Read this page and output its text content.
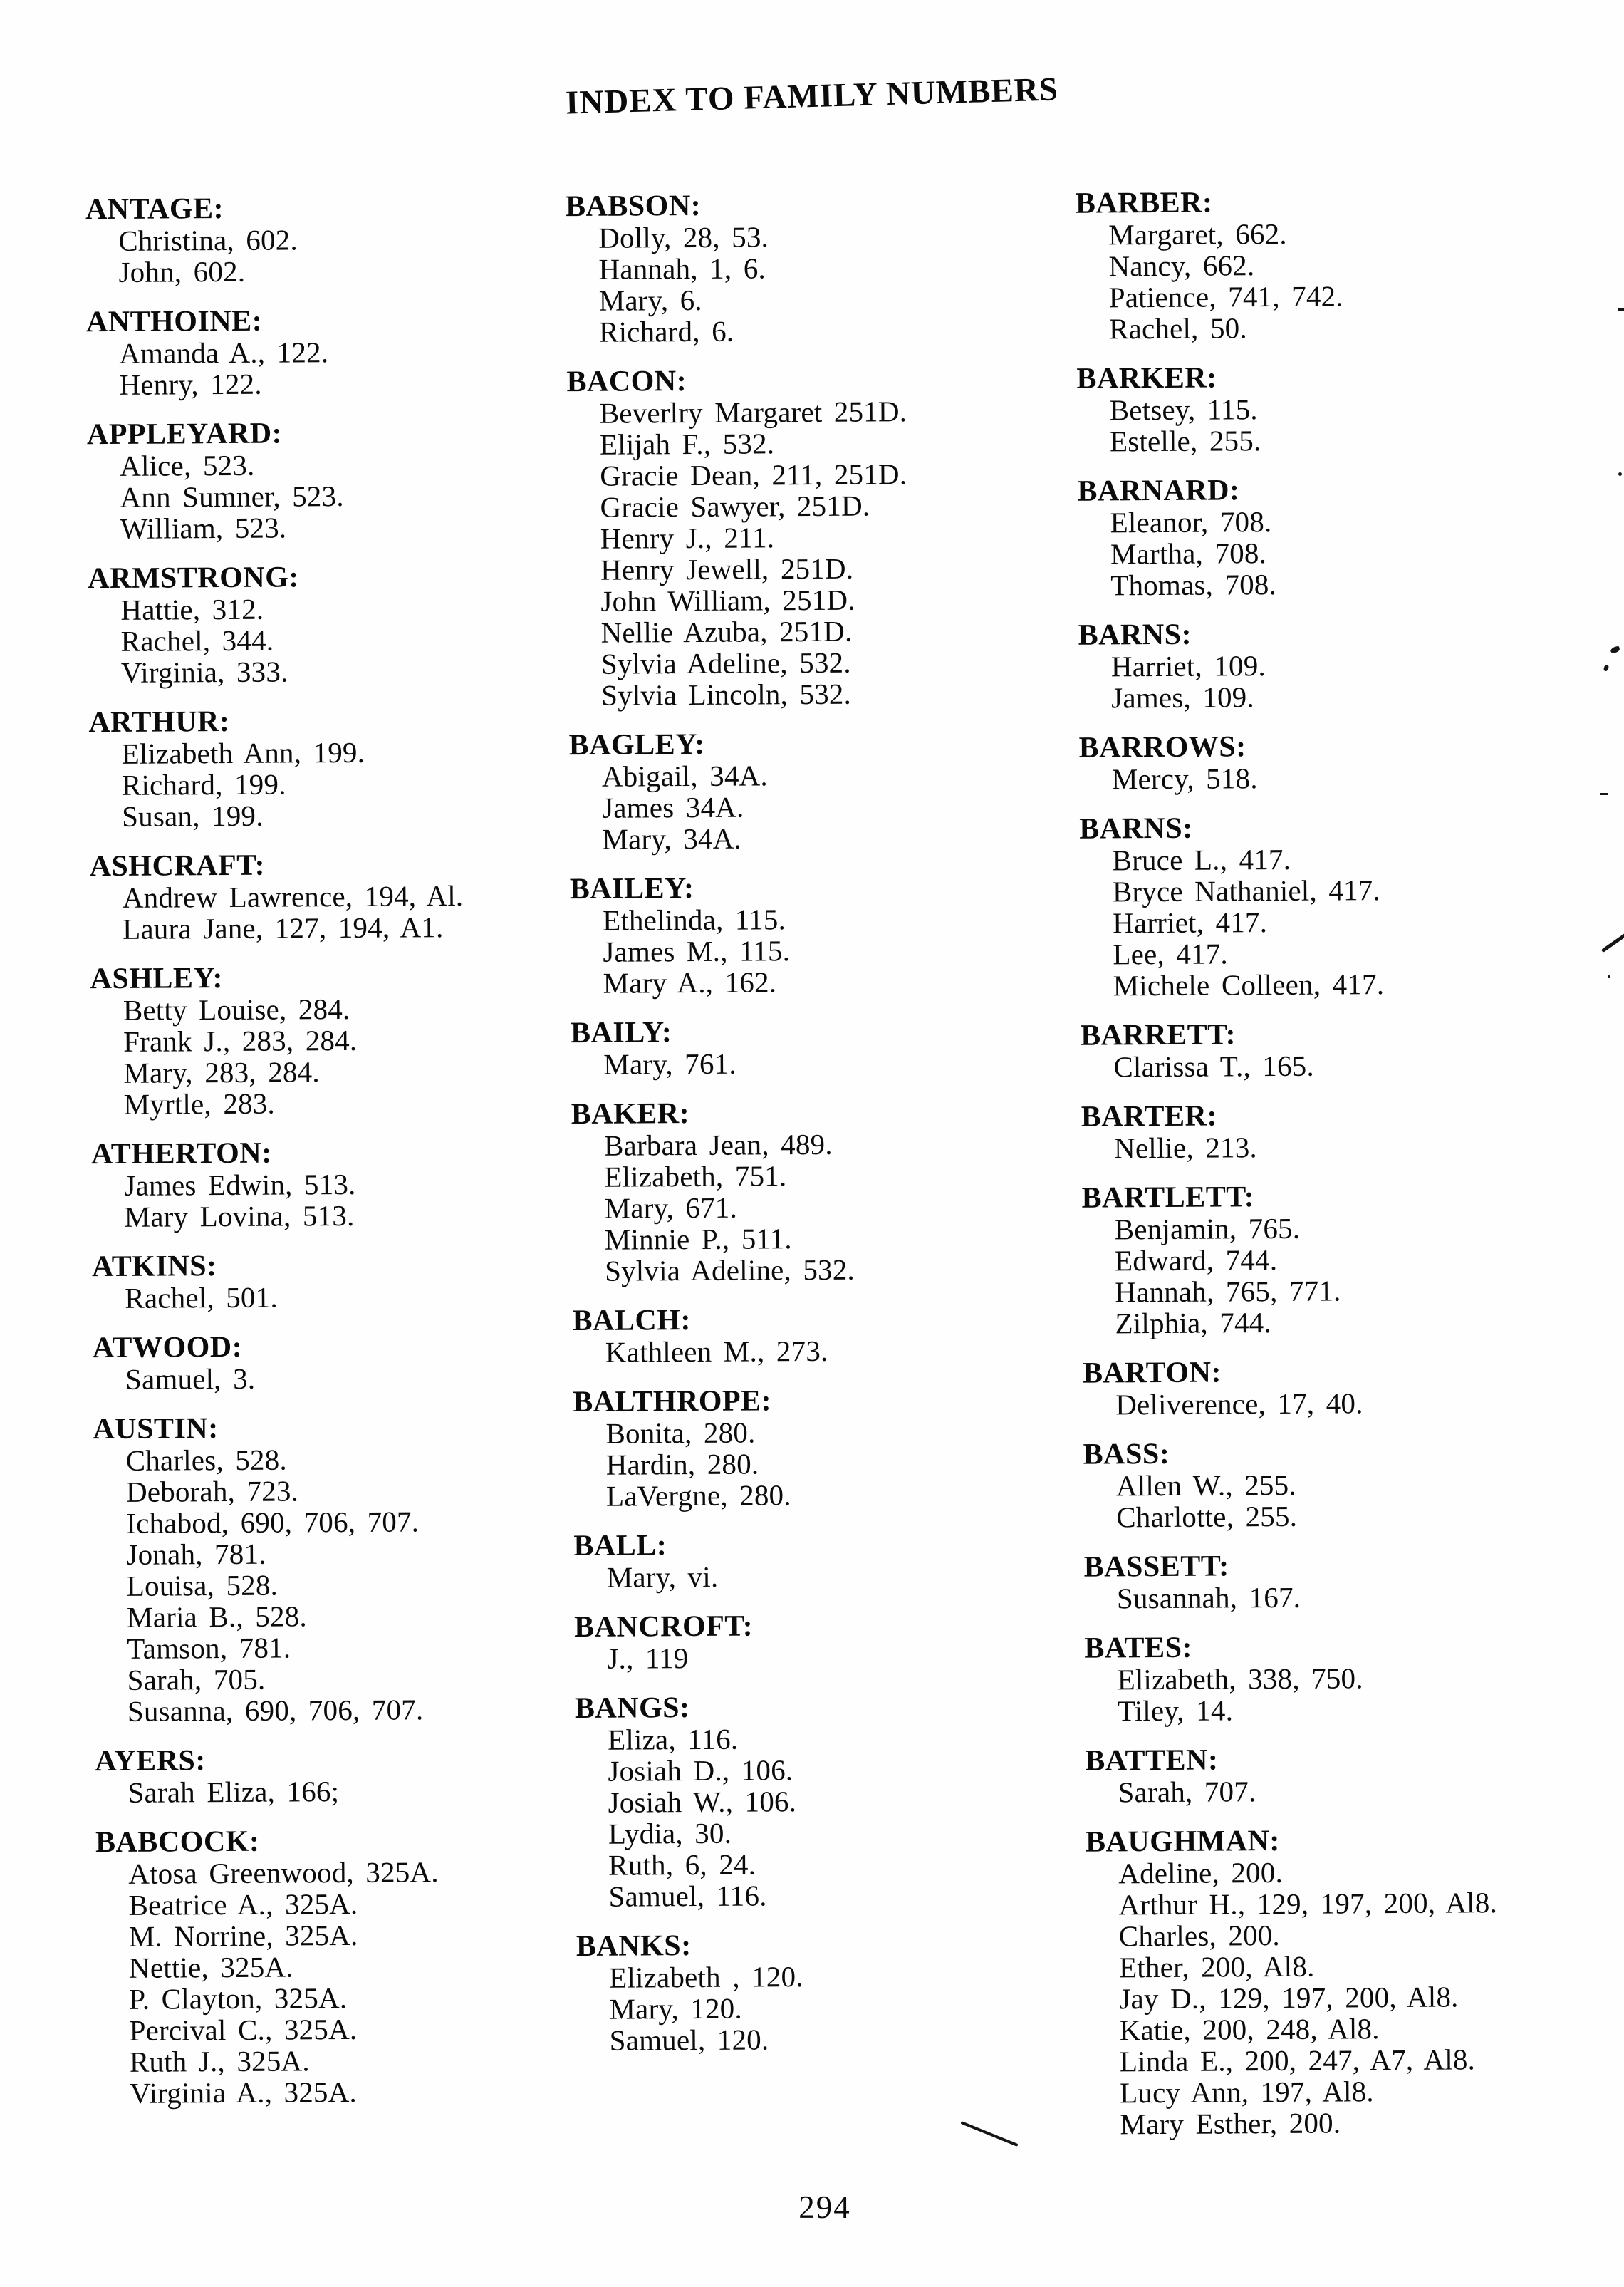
INDEX TO FAMILY NUMBERS
ANTAGE:
Christina, 602.
John, 602.
ANTHOINE:
Amanda A., 122.
Henry, 122.
APPLEYARD:
Alice, 523.
Ann Sumner, 523.
William, 523.
ARMSTRONG:
Hattie, 312.
Rachel, 344.
Virginia, 333.
ARTHUR:
Elizabeth Ann, 199.
Richard, 199.
Susan, 199.
ASHCRAFT:
Andrew Lawrence, 194, Al.
Laura Jane, 127, 194, A1.
ASHLEY:
Betty Louise, 284.
Frank J., 283, 284.
Mary, 283, 284.
Myrtle, 283.
ATHERTON:
James Edwin, 513.
Mary Lovina, 513.
ATKINS:
Rachel, 501.
ATWOOD:
Samuel, 3.
AUSTIN:
Charles, 528.
Deborah, 723.
Ichabod, 690, 706, 707.
Jonah, 781.
Louisa, 528.
Maria B., 528.
Tamson, 781.
Sarah, 705.
Susanna, 690, 706, 707.
AYERS:
Sarah Eliza, 166;
BABCOCK:
Atosa Greenwood, 325A.
Beatrice A., 325A.
M. Norrine, 325A.
Nettie, 325A.
P. Clayton, 325A.
Percival C., 325A.
Ruth J., 325A.
Virginia A., 325A.
BABSON:
Dolly, 28, 53.
Hannah, 1, 6.
Mary, 6.
Richard, 6.
BACON:
Beverlry Margaret 251D.
Elijah F., 532.
Gracie Dean, 211, 251D.
Gracie Sawyer, 251D.
Henry J., 211.
Henry Jewell, 251D.
John William, 251D.
Nellie Azuba, 251D.
Sylvia Adeline, 532.
Sylvia Lincoln, 532.
BAGLEY:
Abigail, 34A.
James 34A.
Mary, 34A.
BAILEY:
Ethelinda, 115.
James M., 115.
Mary A., 162.
BAILY:
Mary, 761.
BAKER:
Barbara Jean, 489.
Elizabeth, 751.
Mary, 671.
Minnie P., 511.
Sylvia Adeline, 532.
BALCH:
Kathleen M., 273.
BALTHROPE:
Bonita, 280.
Hardin, 280.
LaVergne, 280.
BALL:
Mary, vi.
BANCROFT:
J., 119
BANGS:
Eliza, 116.
Josiah D., 106.
Josiah W., 106.
Lydia, 30.
Ruth, 6, 24.
Samuel, 116.
BANKS:
Elizabeth , 120.
Mary, 120.
Samuel, 120.
BARBER:
Margaret, 662.
Nancy, 662.
Patience, 741, 742.
Rachel, 50.
BARKER:
Betsey, 115.
Estelle, 255.
BARNARD:
Eleanor, 708.
Martha, 708.
Thomas, 708.
BARNS:
Harriet, 109.
James, 109.
BARROWS:
Mercy, 518.
BARNS:
Bruce L., 417.
Bryce Nathaniel, 417.
Harriet, 417.
Lee, 417.
Michele Colleen, 417.
BARRETT:
Clarissa T., 165.
BARTER:
Nellie, 213.
BARTLETT:
Benjamin, 765.
Edward, 744.
Hannah, 765, 771.
Zilphia, 744.
BARTON:
Deliverence, 17, 40.
BASS:
Allen W., 255.
Charlotte, 255.
BASSETT:
Susannah, 167.
BATES:
Elizabeth, 338, 750.
Tiley, 14.
BATTEN:
Sarah, 707.
BAUGHMAN:
Adeline, 200.
Arthur H., 129, 197, 200, Al8.
Charles, 200.
Ether, 200, Al8.
Jay D., 129, 197, 200, Al8.
Katie, 200, 248, Al8.
Linda E., 200, 247, A7, Al8.
Lucy Ann, 197, Al8.
Mary Esther, 200.
294
